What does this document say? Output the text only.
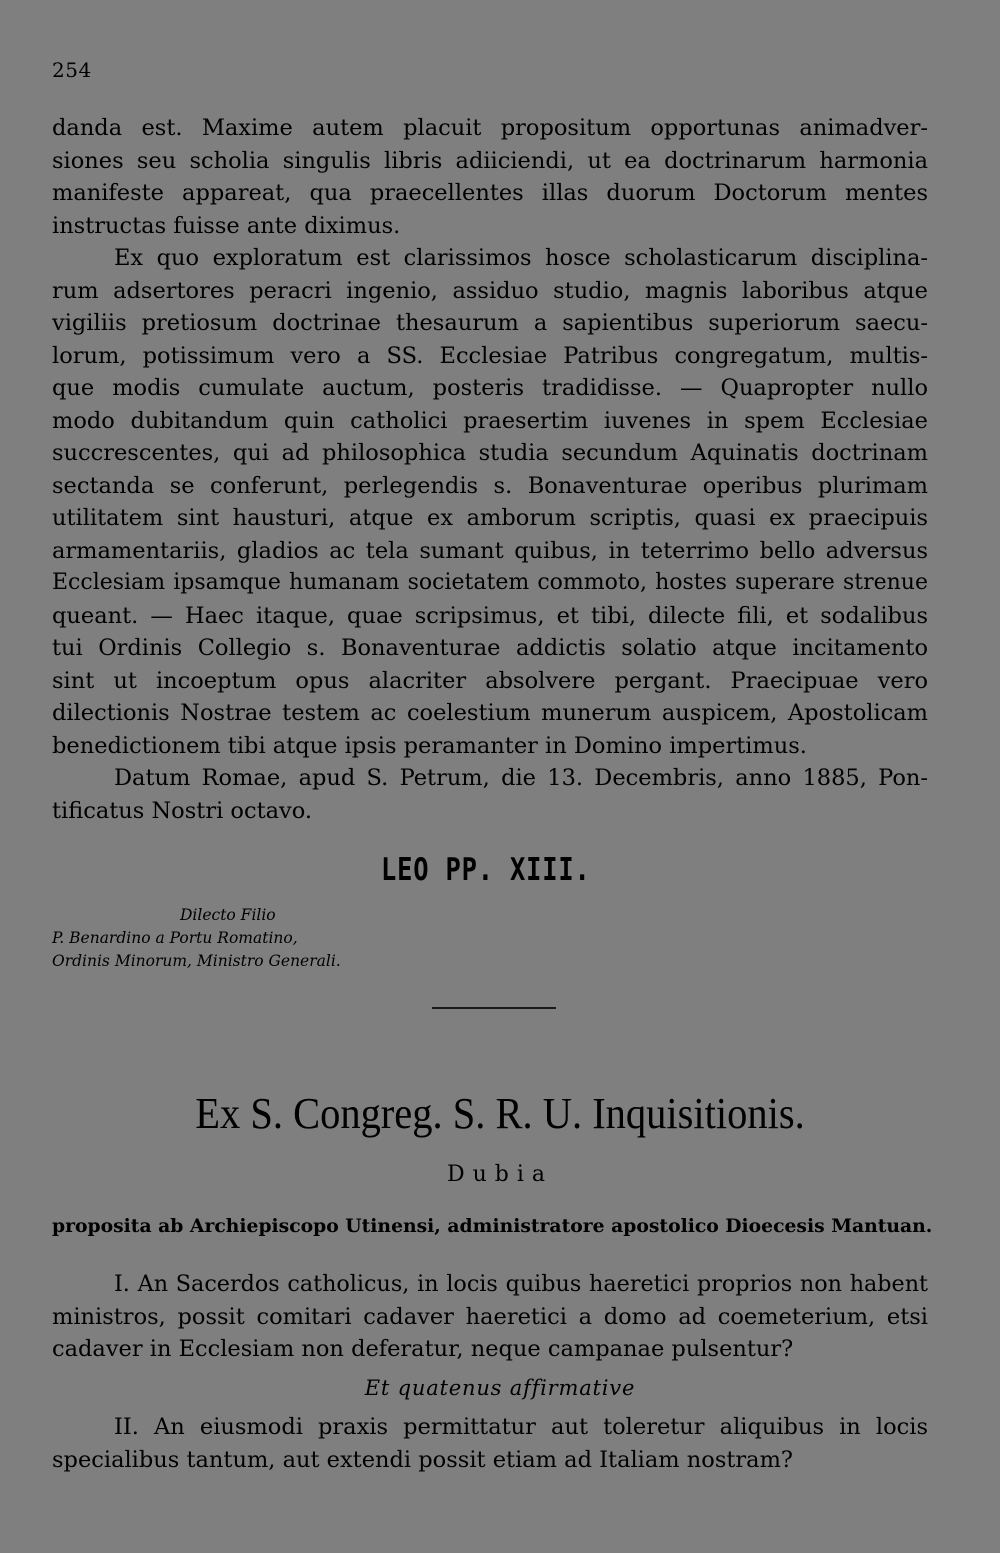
254
danda est. Maxime autem placuit propositum opportunas animadver-
siones seu scholia singulis libris adiiciendi, ut ea doctrinarum harmonia
manifeste appareat, qua praecellentes illas duorum Doctorum mentes
instructas fuisse ante diximus.
Ex quo exploratum est clarissimos hosce scholasticarum disciplina-
rum adsertores peracri ingenio, assiduo studio, magnis laboribus atque
vigiliis pretiosum doctrinae thesaurum a sapientibus superiorum saecu-
lorum, potissimum vero a SS. Ecclesiae Patribus congregatum, multis-
que modis cumulate auctum, posteris tradidisse. — Quapropter nullo
modo dubitandum quin catholici praesertim iuvenes in spem Ecclesiae
succrescentes, qui ad philosophica studia secundum Aquinatis doctrinam
sectanda se conferunt, perlegendis s. Bonaventurae operibus plurimam
utilitatem sint hausturi, atque ex amborum scriptis, quasi ex praecipuis
armamentariis, gladios ac tela sumant quibus, in teterrimo bello adversus
Ecclesiam ipsamque humanam societatem commoto, hostes superare strenue
queant. — Haec itaque, quae scripsimus, et tibi, dilecte fili, et sodalibus
tui Ordinis Collegio s. Bonaventurae addictis solatio atque incitamento
sint ut incoeptum opus alacriter absolvere pergant. Praecipuae vero
dilectionis Nostrae testem ac coelestium munerum auspicem, Apostolicam
benedictionem tibi atque ipsis peramanter in Domino impertimus.
Datum Romae, apud S. Petrum, die 13. Decembris, anno 1885, Pon-
tificatus Nostri octavo.
LEO PP. XIII.
Dilecto Filio
P. Benardino a Portu Romatino,
Ordinis Minorum, Ministro Generali.
Ex S. Congreg. S. R. U. Inquisitionis.
Dubia
proposita ab Archiepiscopo Utinensi, administratore apostolico Dioecesis Mantuan.
I. An Sacerdos catholicus, in locis quibus haeretici proprios non habent
ministros, possit comitari cadaver haeretici a domo ad coemeterium, etsi
cadaver in Ecclesiam non deferatur, neque campanae pulsentur?
Et quatenus affirmative
II. An eiusmodi praxis permittatur aut toleretur aliquibus in locis
specialibus tantum, aut extendi possit etiam ad Italiam nostram?
